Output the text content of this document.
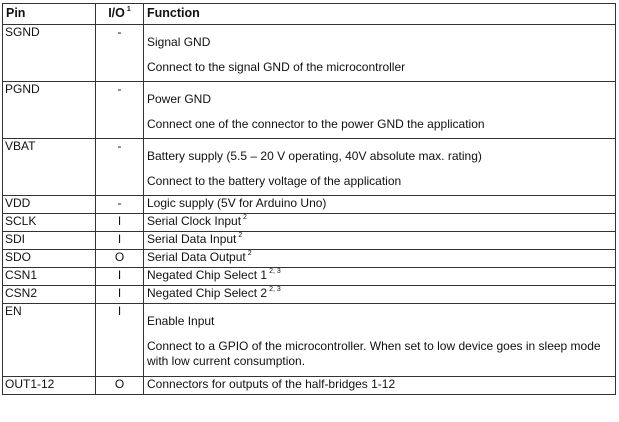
Pin	I/O $^1$	Function
SGND	-	Signal GND
Connect to the signal GND of the microcontroller

PGND	-	Power GND
Connect one of the connector to the power GND the application

VBAT	-	Battery supply (5.5 – 20 V operating, 40V absolute max. rating)
Connect to the battery voltage of the application

VDD	-	Logic supply (5V for Arduino Uno)
SCLK	I	Serial Clock Input $^2$
SDI	I	Serial Data Input $^2$
SDO	O	Serial Data Output $^2$
CSN1	I	Negated Chip Select 1 $^{2, 3}$
CSN2	I	Negated Chip Select 2 $^{2, 3}$
EN	I	Enable Input
Connect to a GPIO of the microcontroller. When set to low device goes in sleep mode with low current consumption.

OUT1-12	O	Connectors for outputs of the half-bridges 1-12
